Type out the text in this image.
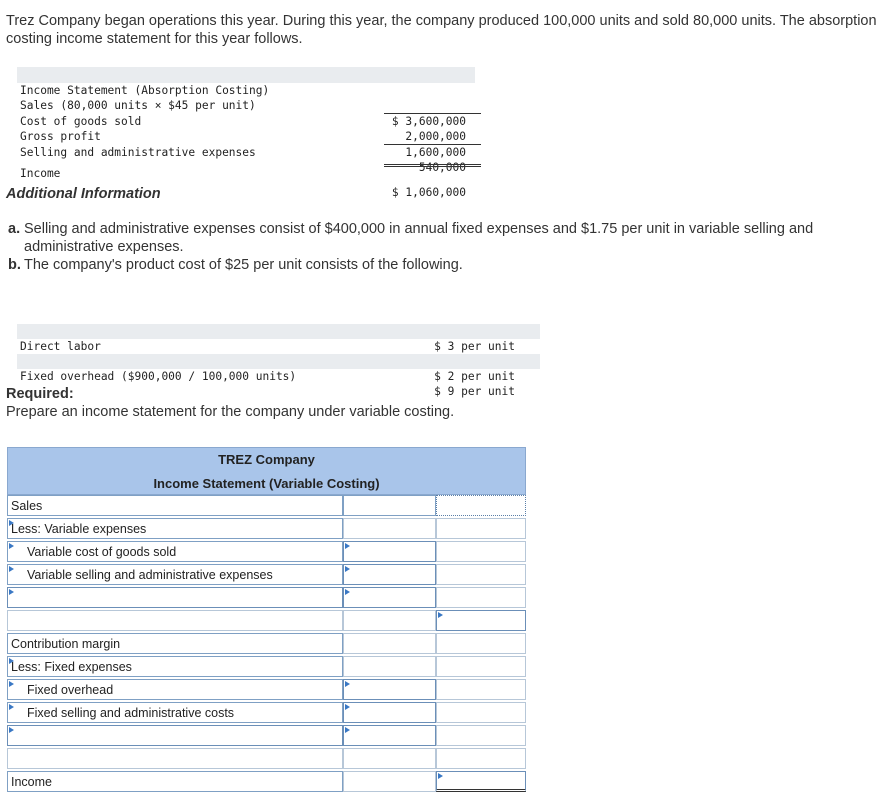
Trez Company began operations this year. During this year, the company produced 100,000 units and sold 80,000 units. The absorption costing income statement for this year follows.

Income Statement (Absorption Costing)

Sales (80,000 units × $45 per unit)

$ 3,600,000

Cost of goods sold

2,000,000

Gross profit

1,600,000

Selling and administrative expenses

540,000

Income

$ 1,060,000

Additional Information
a. Selling and administrative expenses consist of $400,000 in annual fixed expenses and $1.75 per unit in variable selling and administrative expenses.
b. The company's product cost of $25 per unit consists of the following.

$ 3 per unit

Direct labor

$ 2 per unit

Fixed overhead ($900,000 / 100,000 units)

$ 9 per unit

Required:
Prepare an income statement for the company under variable costing.
TREZ Company
Income Statement (Variable Costing)
Sales
Less: Variable expenses
Variable cost of goods sold
Variable selling and administrative expenses
Contribution margin
Less: Fixed expenses
Fixed overhead
Fixed selling and administrative costs
Income
